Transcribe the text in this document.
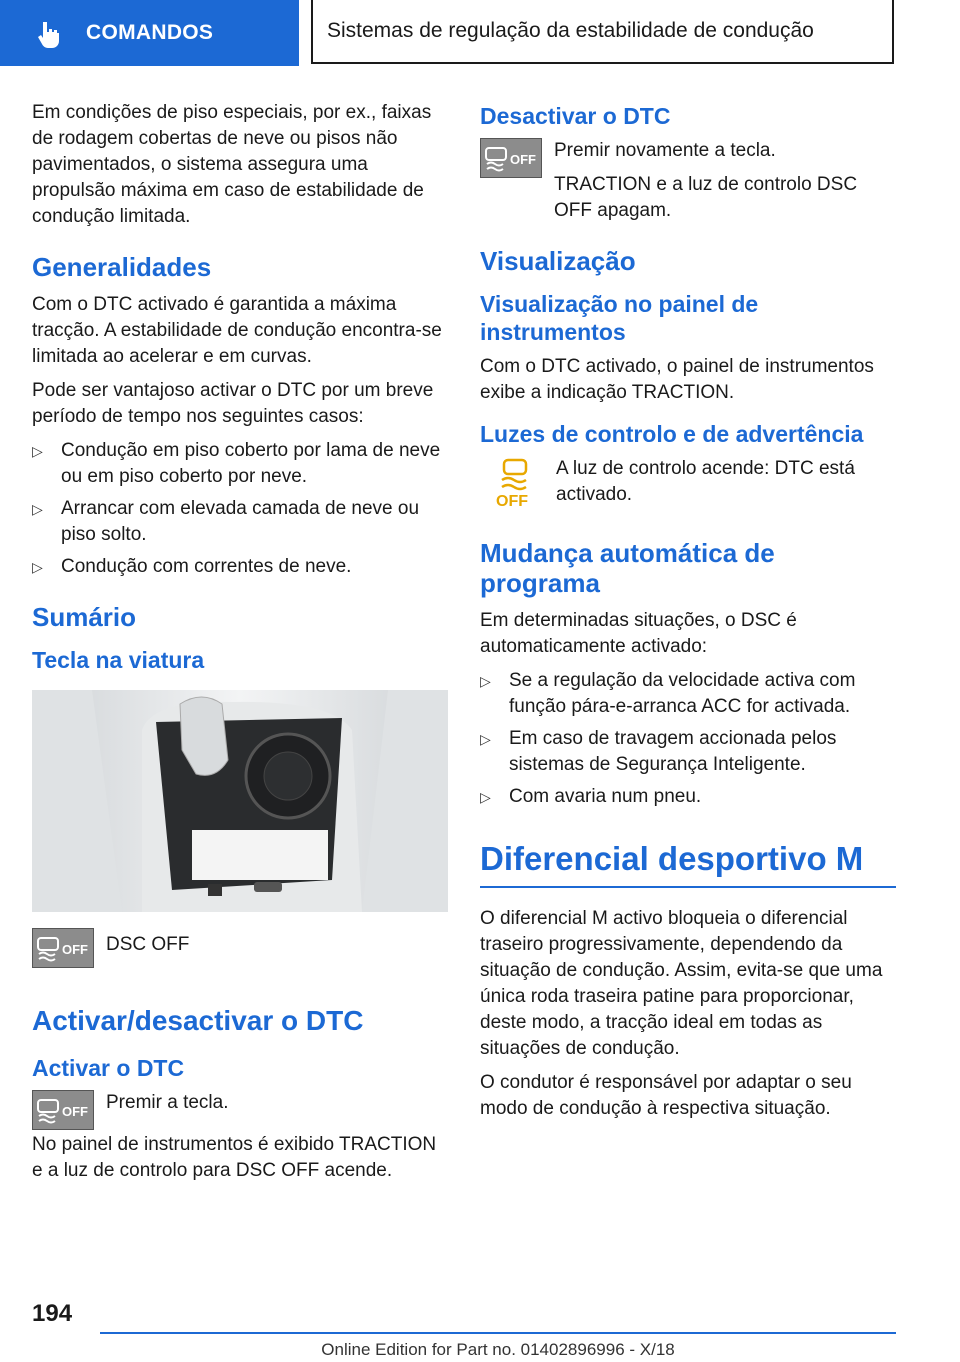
COMANDOS	Sistemas de regulação da estabilidade de condução

Em condições de piso especiais, por ex., faixas de rodagem cobertas de neve ou pisos não pavimentados, o sistema assegura uma propulsão máxima em caso de estabilidade de condução limitada.

Generalidades

Com o DTC activado é garantida a máxima tracção. A estabilidade de condução encontra-se limitada ao acelerar e em curvas.

Pode ser vantajoso activar o DTC por um breve período de tempo nos seguintes casos:

▷ Condução em piso coberto por lama de neve ou em piso coberto por neve.
▷ Arrancar com elevada camada de neve ou piso solto.
▷ Condução com correntes de neve.
Sumário
Tecla na viatura
OFF DSC OFF

Activar/desactivar o DTC
Activar o DTC
OFF Premir a tecla.

No painel de instrumentos é exibido TRACTION e a luz de controlo para DSC OFF acende.

Desactivar o DTC
OFF Premir novamente a tecla.

TRACTION e a luz de controlo DSC OFF apagam.

Visualização
Visualização no painel de instrumentos

Com o DTC activado, o painel de instrumentos exibe a indicação TRACTION.

Luzes de controlo e de advertência
OFF

A luz de controlo acende: DTC está activado.

Mudança automática de programa

Em determinadas situações, o DSC é automaticamente activado:

▷ Se a regulação da velocidade activa com função pára-e-arranca ACC for activada.
▷ Em caso de travagem accionada pelos sistemas de Segurança Inteligente.
▷ Com avaria num pneu.
Diferencial desportivo M

O diferencial M activo bloqueia o diferencial traseiro progressivamente, dependendo da situação de condução. Assim, evita-se que uma única roda traseira patine para proporcionar, deste modo, a tracção ideal em todas as situações de condução.

O condutor é responsável por adaptar o seu modo de condução à respectiva situação.

194
Online Edition for Part no. 01402896996 - X/18
